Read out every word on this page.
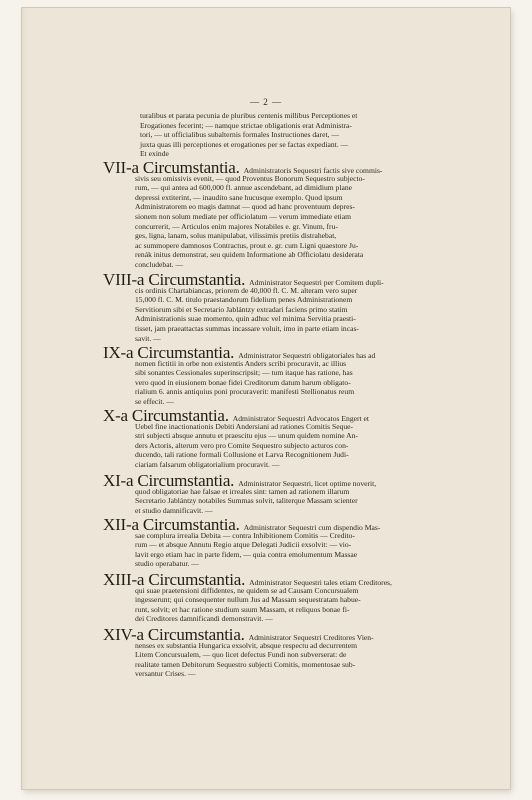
— 2 —
turalibus et parata pecunia de pluribus centenis millibus Perceptiones et
Erogationes fecerint; — namque strictae obligationis erat Administra-
tori, — ut officialibus subalternis formales Instructiones daret, —
juxta quas illi perceptiones et erogationes per se factas expediant. —
Et exinde
VII-a Circumstantia. Administratoris Sequestri factis sive commis-
sivis seu omissivis evenit, — quod Proventus Bonorum Sequestro subjecto-
rum, — qui antea ad 600,000 fl. annue ascendebant, ad dimidium plane
depressi extiterint, — inaudito sane hucusque exemplo. Quod ipsum
Administratorem eo magis damnat — quod ad hanc proventuum depres-
sionem non solum mediate per officiolatum — verum immediate etiam
concurrerit, — Articulos enim majores Notabiles e. gr. Vinum, fru-
ges, ligna, lanam, solus manipulabat, vilissimis pretiis distrahebat,
ac summopere damnosos Contractus, prout e. gr. cum Ligni quaestore Ju-
renák initus demonstrat, seu quidem Informatione ab Officiolatu desiderata
concludebat. —
VIII-a Circumstantia. Administrator Sequestri per Comitem dupli-
cis ordinis Chartabiancas, priorem de 40,000 fl. C. M. alteram vero super
15,000 fl. C. M. titulo praestandorum fidelium penes Administrationem
Servitiorum sibi et Secretario Jablántzy extradari faciens primo statim
Administrationis suae momento, quin adhuc vel minima Servitia praesti-
tisset, jam praeattactas summas incassare voluit, imo in parte etiam incas-
savit. —
IX-a Circumstantia. Administrator Sequestri obligatoriales has ad
nomen fictitii in orbe non existentis Anders scribi procuravit, ac illius
sibi sonantes Cessionales superinscripsit; — tum itaque has ratione, has
vero quod in eiusionem bonae fidei Creditorum datum harum obligato-
rialium 6. annis antiquius poni procuraverit: manifesti Stellionatus reum
se effecit. —
X-a Circumstantia. Administrator Sequestri Advocatos Engert et
Uebel fine inactionationis Debiti Andersiani ad rationes Comitis Seque-
stri subjecti absque annutu et praescitu ejus — unum quidem nomine An-
ders Actoris, alterum vero pro Comite Sequestro subjecto acturos con-
ducendo, tali ratione formali Collusione et Larva Recognitionem Judi-
ciariam falsarum obligatorialium procuravit. —
XI-a Circumstantia. Administrator Sequestri, licet optime noverit,
quod obligatoriae hae falsae et irreales sint: tamen ad rationem illarum
Secretario Jablántzy notabiles Summas solvit, taliterque Massam scienter
et studio damnificavit. —
XII-a Circumstantia. Administrator Sequestri cum dispendio Mas-
sae complura irrealia Debita — contra Inhibitionem Comitis — Credito-
rum — et absque Annutu Regio atque Delegati Judicii exsolvit: — vio-
lavit ergo etiam hac in parte fidem, — quia contra emolumentum Massae
studio operabatur. —
XIII-a Circumstantia. Administrator Sequestri tales etiam Creditores,
qui suae praetensioni diffidentes, ne quidem se ad Causam Concursualem
ingesserunt; qui consequenter nullum Jus ad Massam sequestratam habue-
runt, solvit; et hac ratione studium suum Massam, et reliquos bonae fi-
dei Creditores damnificandi demonstravit. —
XIV-a Circumstantia. Administrator Sequestri Creditores Vien-
nenses ex substantia Hungarica exsolvit, absque respectu ad decurrentem
Litem Concursualem, — quo licet defectus Fundi non subverserat: de
realitate tamen Debitorum Sequestro subjecti Comitis, momentosae sub-
versantur Crises. —
